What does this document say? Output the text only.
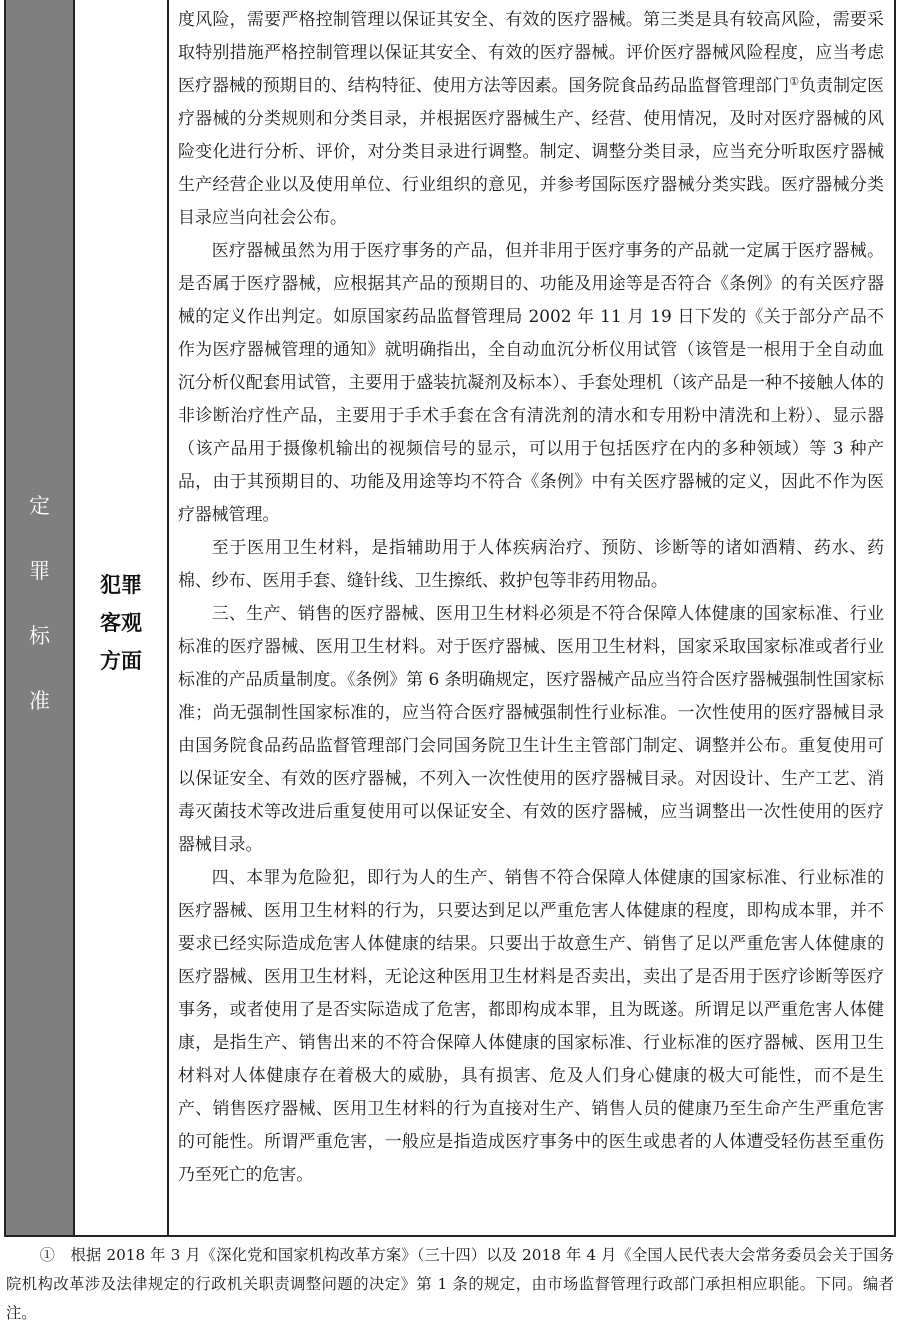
定
罪
标
准

犯罪
客观
方面

度风险，需要严格控制管理以保证其安全、有效的医疗器械。第三类是具有较高风险，需要采取特别措施严格控制管理以保证其安全、有效的医疗器械。评价医疗器械风险程度，应当考虑医疗器械的预期目的、结构特征、使用方法等因素。国务院食品药品监督管理部门①负责制定医疗器械的分类规则和分类目录，并根据医疗器械生产、经营、使用情况，及时对医疗器械的风险变化进行分析、评价，对分类目录进行调整。制定、调整分类目录，应当充分听取医疗器械生产经营企业以及使用单位、行业组织的意见，并参考国际医疗器械分类实践。医疗器械分类目录应当向社会公布。

医疗器械虽然为用于医疗事务的产品，但并非用于医疗事务的产品就一定属于医疗器械。是否属于医疗器械，应根据其产品的预期目的、功能及用途等是否符合《条例》的有关医疗器械的定义作出判定。如原国家药品监督管理局 2002 年 11 月 19 日下发的《关于部分产品不作为医疗器械管理的通知》就明确指出，全自动血沉分析仪用试管（该管是一根用于全自动血沉分析仪配套用试管，主要用于盛装抗凝剂及标本）、手套处理机（该产品是一种不接触人体的非诊断治疗性产品，主要用于手术手套在含有清洗剂的清水和专用粉中清洗和上粉）、显示器（该产品用于摄像机输出的视频信号的显示，可以用于包括医疗在内的多种领域）等 3 种产品，由于其预期目的、功能及用途等均不符合《条例》中有关医疗器械的定义，因此不作为医疗器械管理。

至于医用卫生材料，是指辅助用于人体疾病治疗、预防、诊断等的诸如酒精、药水、药棉、纱布、医用手套、缝针线、卫生擦纸、救护包等非药用物品。

三、生产、销售的医疗器械、医用卫生材料必须是不符合保障人体健康的国家标准、行业标准的医疗器械、医用卫生材料。对于医疗器械、医用卫生材料，国家采取国家标准或者行业标准的产品质量制度。《条例》第 6 条明确规定，医疗器械产品应当符合医疗器械强制性国家标准；尚无强制性国家标准的，应当符合医疗器械强制性行业标准。一次性使用的医疗器械目录由国务院食品药品监督管理部门会同国务院卫生计生主管部门制定、调整并公布。重复使用可以保证安全、有效的医疗器械，不列入一次性使用的医疗器械目录。对因设计、生产工艺、消毒灭菌技术等改进后重复使用可以保证安全、有效的医疗器械，应当调整出一次性使用的医疗器械目录。

四、本罪为危险犯，即行为人的生产、销售不符合保障人体健康的国家标准、行业标准的医疗器械、医用卫生材料的行为，只要达到足以严重危害人体健康的程度，即构成本罪，并不要求已经实际造成危害人体健康的结果。只要出于故意生产、销售了足以严重危害人体健康的医疗器械、医用卫生材料，无论这种医用卫生材料是否卖出，卖出了是否用于医疗诊断等医疗事务，或者使用了是否实际造成了危害，都即构成本罪，且为既遂。所谓足以严重危害人体健康，是指生产、销售出来的不符合保障人体健康的国家标准、行业标准的医疗器械、医用卫生材料对人体健康存在着极大的威胁，具有损害、危及人们身心健康的极大可能性，而不是生产、销售医疗器械、医用卫生材料的行为直接对生产、销售人员的健康乃至生命产生严重危害的可能性。所谓严重危害，一般应是指造成医疗事务中的医生或患者的人体遭受轻伤甚至重伤乃至死亡的危害。

①　根据 2018 年 3 月《深化党和国家机构改革方案》（三十四）以及 2018 年 4 月《全国人民代表大会常务委员会关于国务院机构改革涉及法律规定的行政机关职责调整问题的决定》第 1 条的规定，由市场监督管理行政部门承担相应职能。下同。编者注。
